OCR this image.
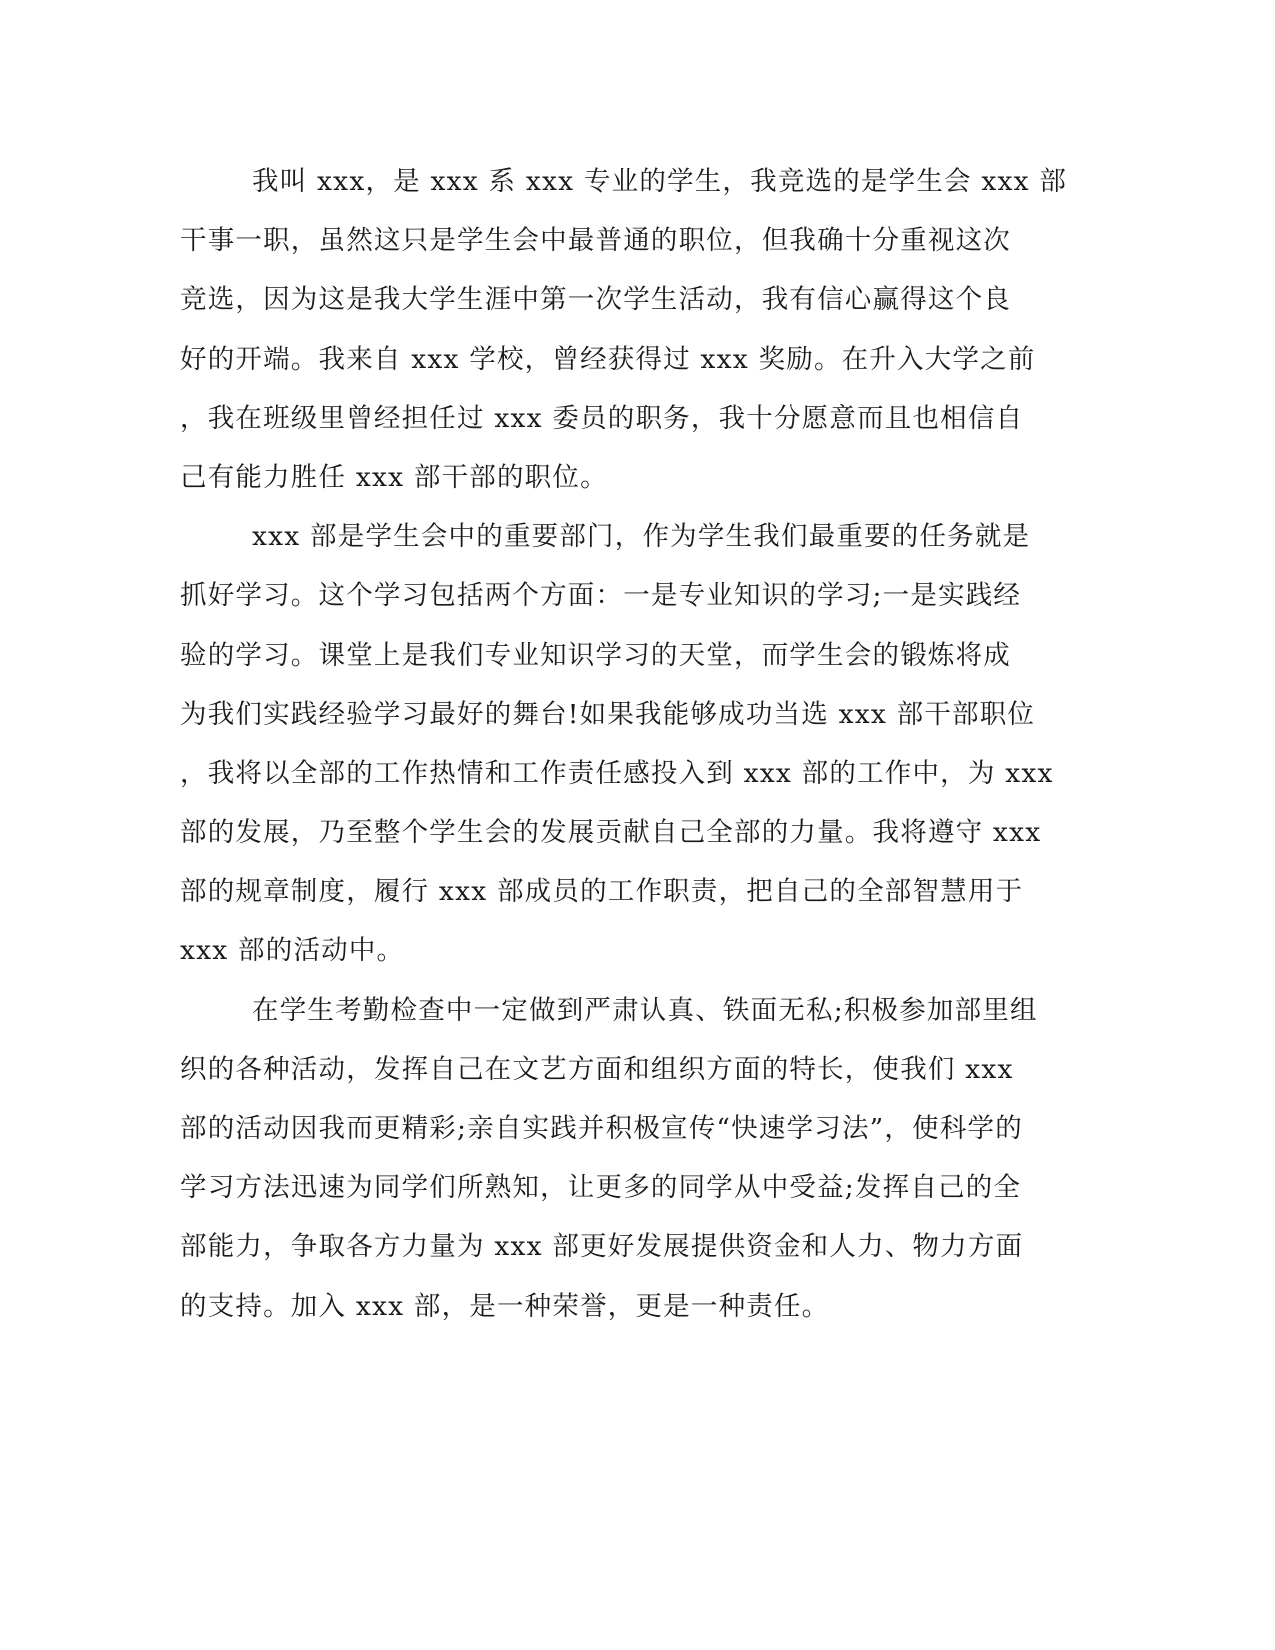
我叫 xxx，是 xxx 系 xxx 专业的学生，我竞选的是学生会 xxx 部
干事一职，虽然这只是学生会中最普通的职位，但我确十分重视这次
竞选，因为这是我大学生涯中第一次学生活动，我有信心赢得这个良
好的开端。我来自 xxx 学校，曾经获得过 xxx 奖励。在升入大学之前
，我在班级里曾经担任过 xxx 委员的职务，我十分愿意而且也相信自
己有能力胜任 xxx 部干部的职位。
xxx 部是学生会中的重要部门，作为学生我们最重要的任务就是
抓好学习。这个学习包括两个方面：一是专业知识的学习;一是实践经
验的学习。课堂上是我们专业知识学习的天堂，而学生会的锻炼将成
为我们实践经验学习最好的舞台!如果我能够成功当选 xxx 部干部职位
，我将以全部的工作热情和工作责任感投入到 xxx 部的工作中，为 xxx
部的发展，乃至整个学生会的发展贡献自己全部的力量。我将遵守 xxx
部的规章制度，履行 xxx 部成员的工作职责，把自己的全部智慧用于
xxx 部的活动中。
在学生考勤检查中一定做到严肃认真、铁面无私;积极参加部里组
织的各种活动，发挥自己在文艺方面和组织方面的特长，使我们 xxx
部的活动因我而更精彩;亲自实践并积极宣传“快速学习法”，使科学的
学习方法迅速为同学们所熟知，让更多的同学从中受益;发挥自己的全
部能力，争取各方力量为 xxx 部更好发展提供资金和人力、物力方面
的支持。加入 xxx 部，是一种荣誉，更是一种责任。
